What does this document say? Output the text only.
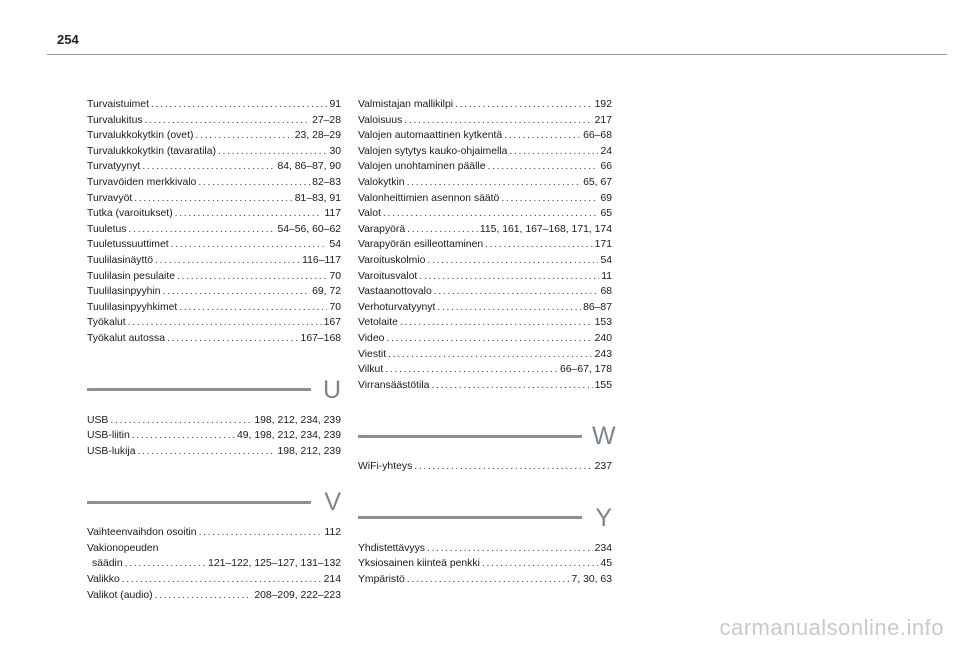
254
Turvaistuimet . . .	91
Turvalukitus . . .	27–28
Turvalukkokytkin (ovet) . . .	23, 28–29
Turvalukkokytkin (tavaratila) . . .	30
Turvatyynyt . . .	84, 86–87, 90
Turvavöiden merkkivalo . . .	82–83
Turvavyöt . . .	81–83, 91
Tutka (varoitukset) . . .	117
Tuuletus . . .	54–56, 60–62
Tuuletussuuttimet . . .	54
Tuulilasinäyttö . . .	116–117
Tuulilasin pesulaite . . .	70
Tuulilasinpyyhin . . .	69, 72
Tuulilasinpyyhkimet . . .	70
Työkalut . . .	167
Työkalut autossa . . .	167–168
U
USB . . .	198, 212, 234, 239
USB-liitin . . .	49, 198, 212, 234, 239
USB-lukija . . .	198, 212, 239
V
Vaihteenvaihdon osoitin . . .	112
Vakionopeuden
säädin . . .	121–122, 125–127, 131–132
Valikko . . .	214
Valikot (audio) . . .	208–209, 222–223
Valmistajan mallikilpi . . .	192
Valoisuus . . .	217
Valojen automaattinen kytkentä . . .	66–68
Valojen sytytys kauko-ohjaimella . . .	24
Valojen unohtaminen päälle . . .	66
Valokytkin . . .	65, 67
Valonheittimien asennon säätö . . .	69
Valot . . .	65
Varapyörä . . .	115, 161, 167–168, 171, 174
Varapyörän esilleottaminen . . .	171
Varoituskolmio . . .	54
Varoitusvalot . . .	11
Vastaanottovalo . . .	68
Verhoturvatyynyt . . .	86–87
Vetolaite . . .	153
Video . . .	240
Viestit . . .	243
Vilkut . . .	66–67, 178
Virransäästötila . . .	155
W
WiFi-yhteys . . .	237
Y
Yhdistettävyys . . .	234
Yksiosainen kiinteä penkki . . .	45
Ympäristö . . .	7, 30, 63
carmanualsonline.info
